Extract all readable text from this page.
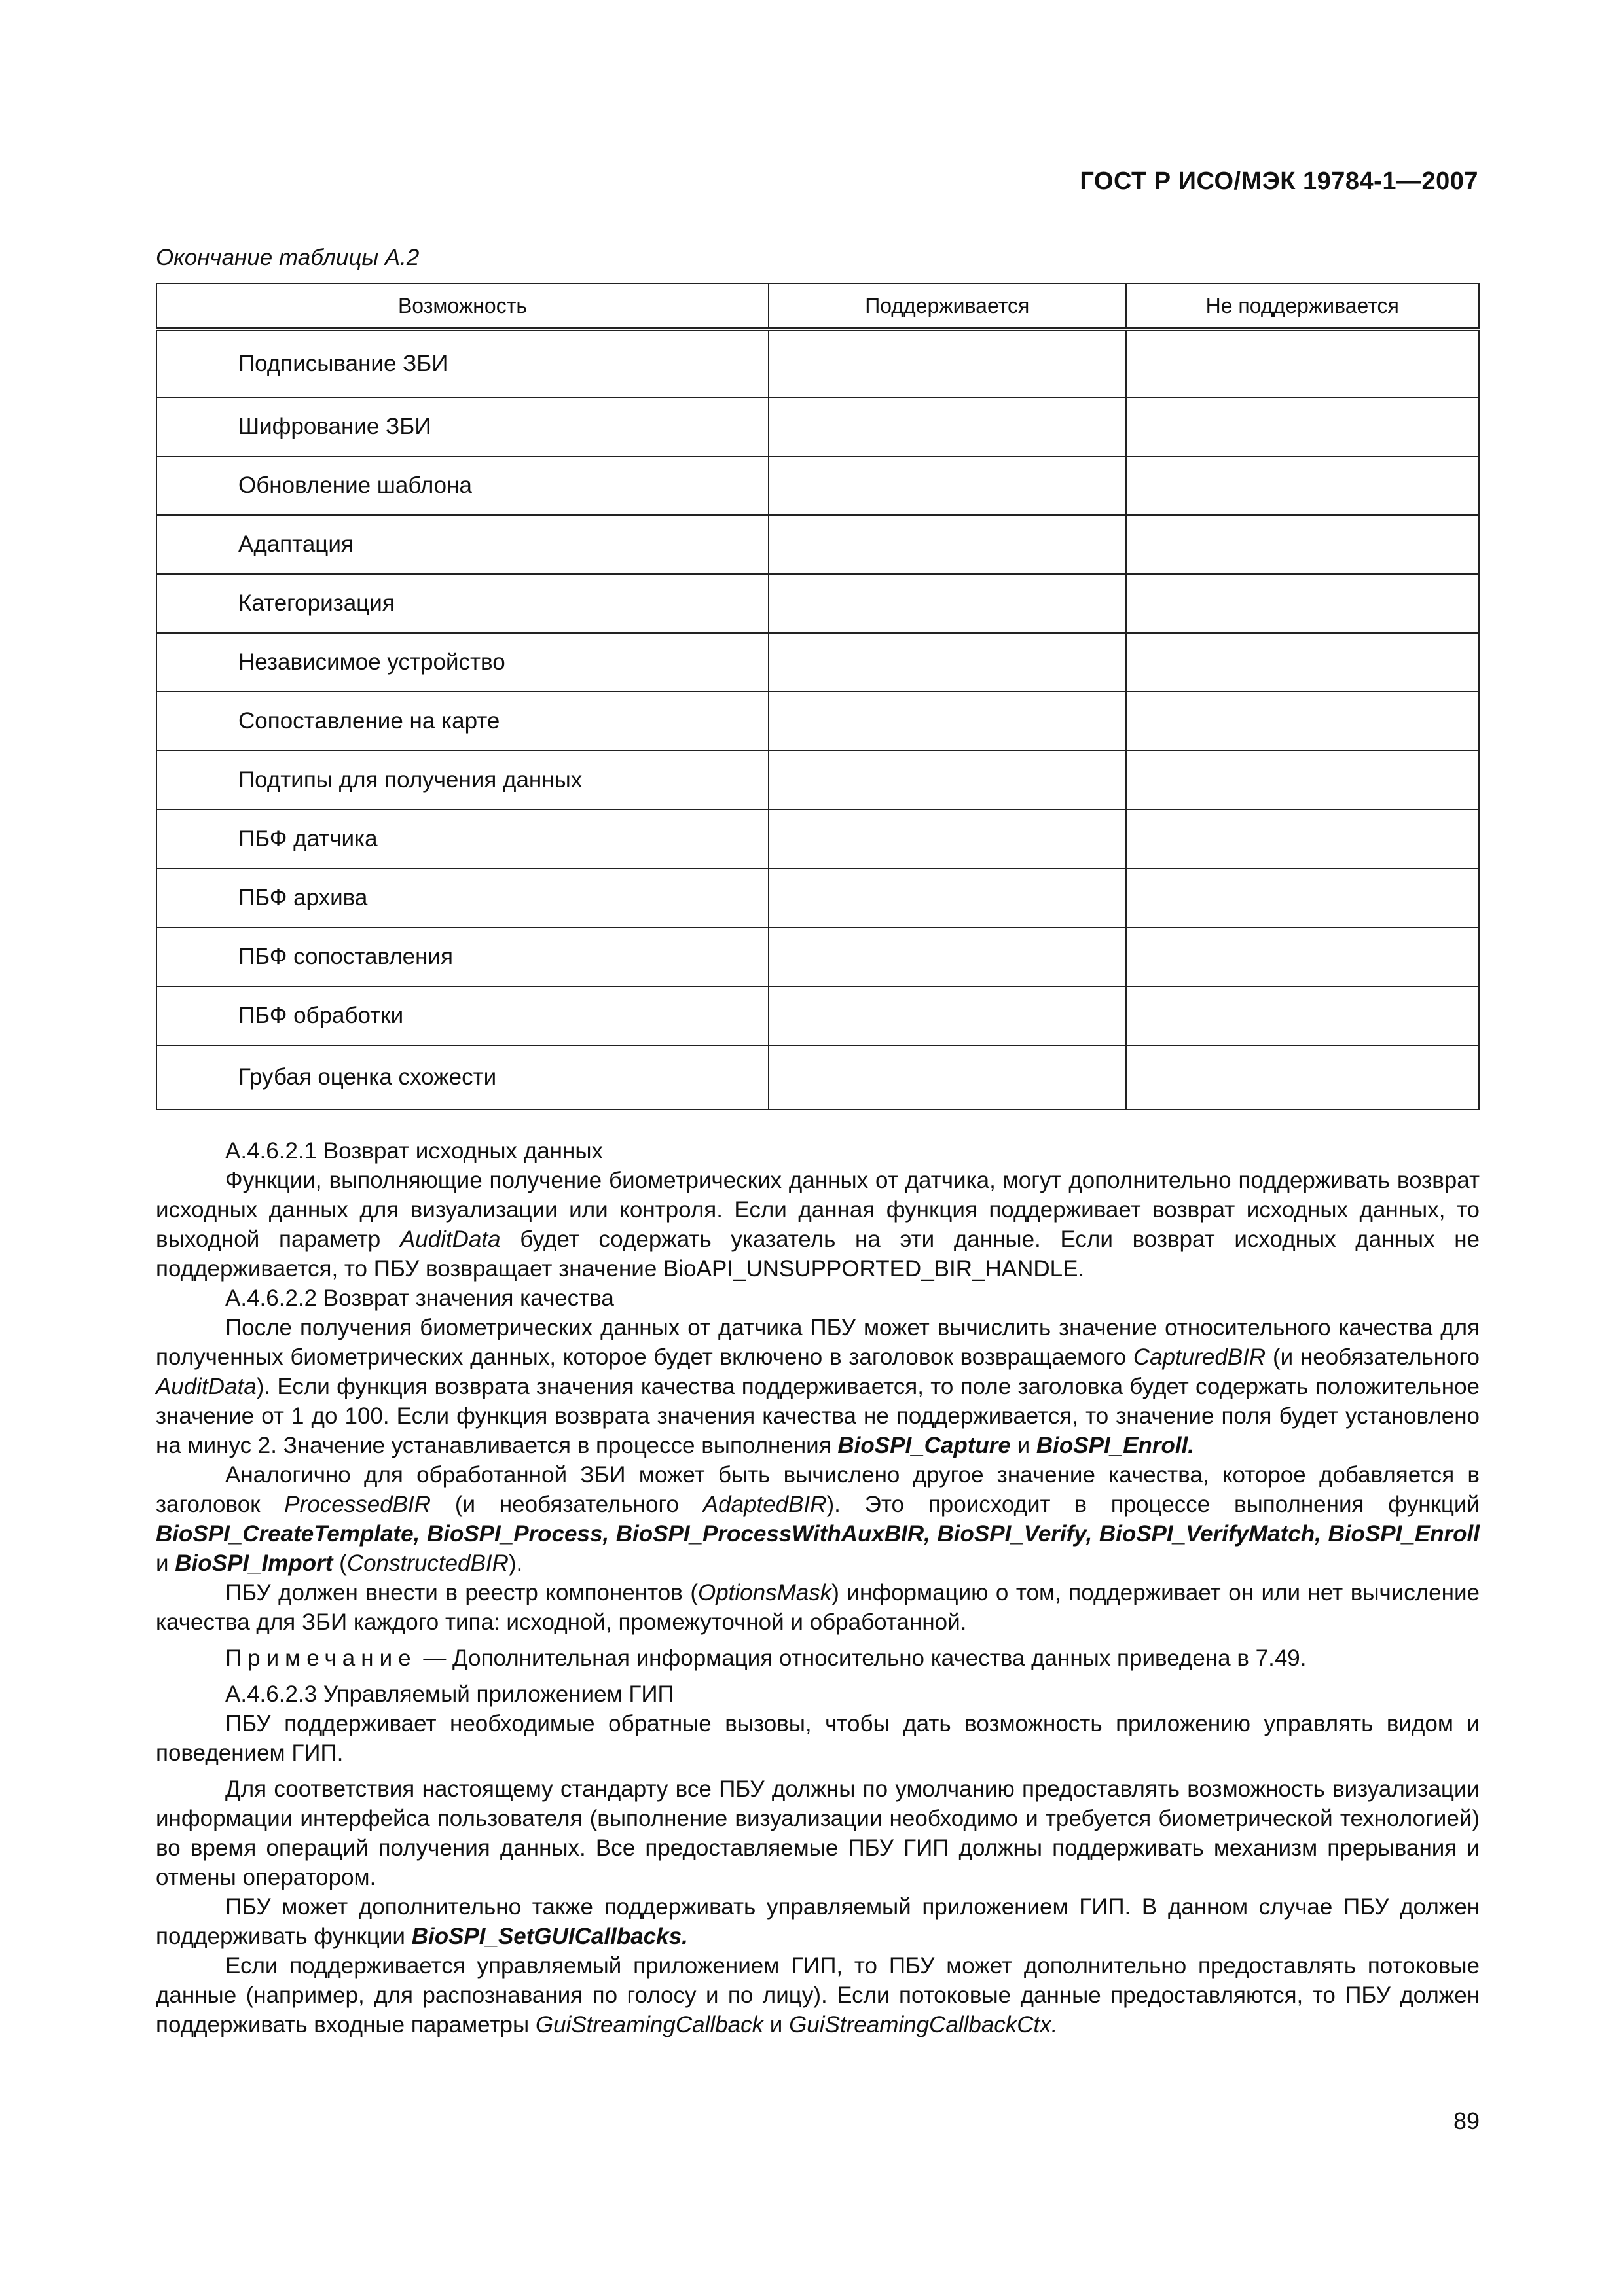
ГОСТ Р ИСО/МЭК 19784-1—2007
Окончание таблицы А.2
Возможность	Поддерживается	Не поддерживается
Подписывание ЗБИ		
Шифрование ЗБИ		
Обновление шаблона		
Адаптация		
Категоризация		
Независимое устройство		
Сопоставление на карте		
Подтипы для получения данных		
ПБФ датчика		
ПБФ архива		
ПБФ сопоставления		
ПБФ обработки		
Грубая оценка схожести		

А.4.6.2.1 Возврат исходных данных

Функции, выполняющие получение биометрических данных от датчика, могут дополнительно поддерживать возврат исходных данных для визуализации или контроля. Если данная функция поддерживает возврат исходных данных, то выходной параметр AuditData будет содержать указатель на эти данные. Если возврат исходных данных не поддерживается, то ПБУ возвращает значение BioAPI_UNSUPPORTED_BIR_HANDLE.

А.4.6.2.2 Возврат значения качества

После получения биометрических данных от датчика ПБУ может вычислить значение относительного качества для полученных биометрических данных, которое будет включено в заголовок возвращаемого CapturedBIR (и необязательного AuditData). Если функция возврата значения качества поддерживается, то поле заголовка будет содержать положительное значение от 1 до 100. Если функция возврата значения качества не поддерживается, то значение поля будет установлено на минус 2. Значение устанавливается в процессе выполнения BioSPI_Capture и BioSPI_Enroll.

Аналогично для обработанной ЗБИ может быть вычислено другое значение качества, которое добавляется в заголовок ProcessedBIR (и необязательного AdaptedBIR). Это происходит в процессе выполнения функций BioSPI_CreateTemplate, BioSPI_Process, BioSPI_ProcessWithAuxBIR, BioSPI_Verify, BioSPI_VerifyMatch, BioSPI_Enroll и BioSPI_Import (ConstructedBIR).

ПБУ должен внести в реестр компонентов (OptionsMask) информацию о том, поддерживает он или нет вычисление качества для ЗБИ каждого типа: исходной, промежуточной и обработанной.

Примечание — Дополнительная информация относительно качества данных приведена в 7.49.

А.4.6.2.3 Управляемый приложением ГИП

ПБУ поддерживает необходимые обратные вызовы, чтобы дать возможность приложению управлять видом и поведением ГИП.

Для соответствия настоящему стандарту все ПБУ должны по умолчанию предоставлять возможность визуализации информации интерфейса пользователя (выполнение визуализации необходимо и требуется биометрической технологией) во время операций получения данных. Все предоставляемые ПБУ ГИП должны поддерживать механизм прерывания и отмены оператором.

ПБУ может дополнительно также поддерживать управляемый приложением ГИП. В данном случае ПБУ должен поддерживать функции BioSPI_SetGUICallbacks.

Если поддерживается управляемый приложением ГИП, то ПБУ может дополнительно предоставлять потоковые данные (например, для распознавания по голосу и по лицу). Если потоковые данные предоставляются, то ПБУ должен поддерживать входные параметры GuiStreamingCallback и GuiStreamingCallbackCtx.

89
